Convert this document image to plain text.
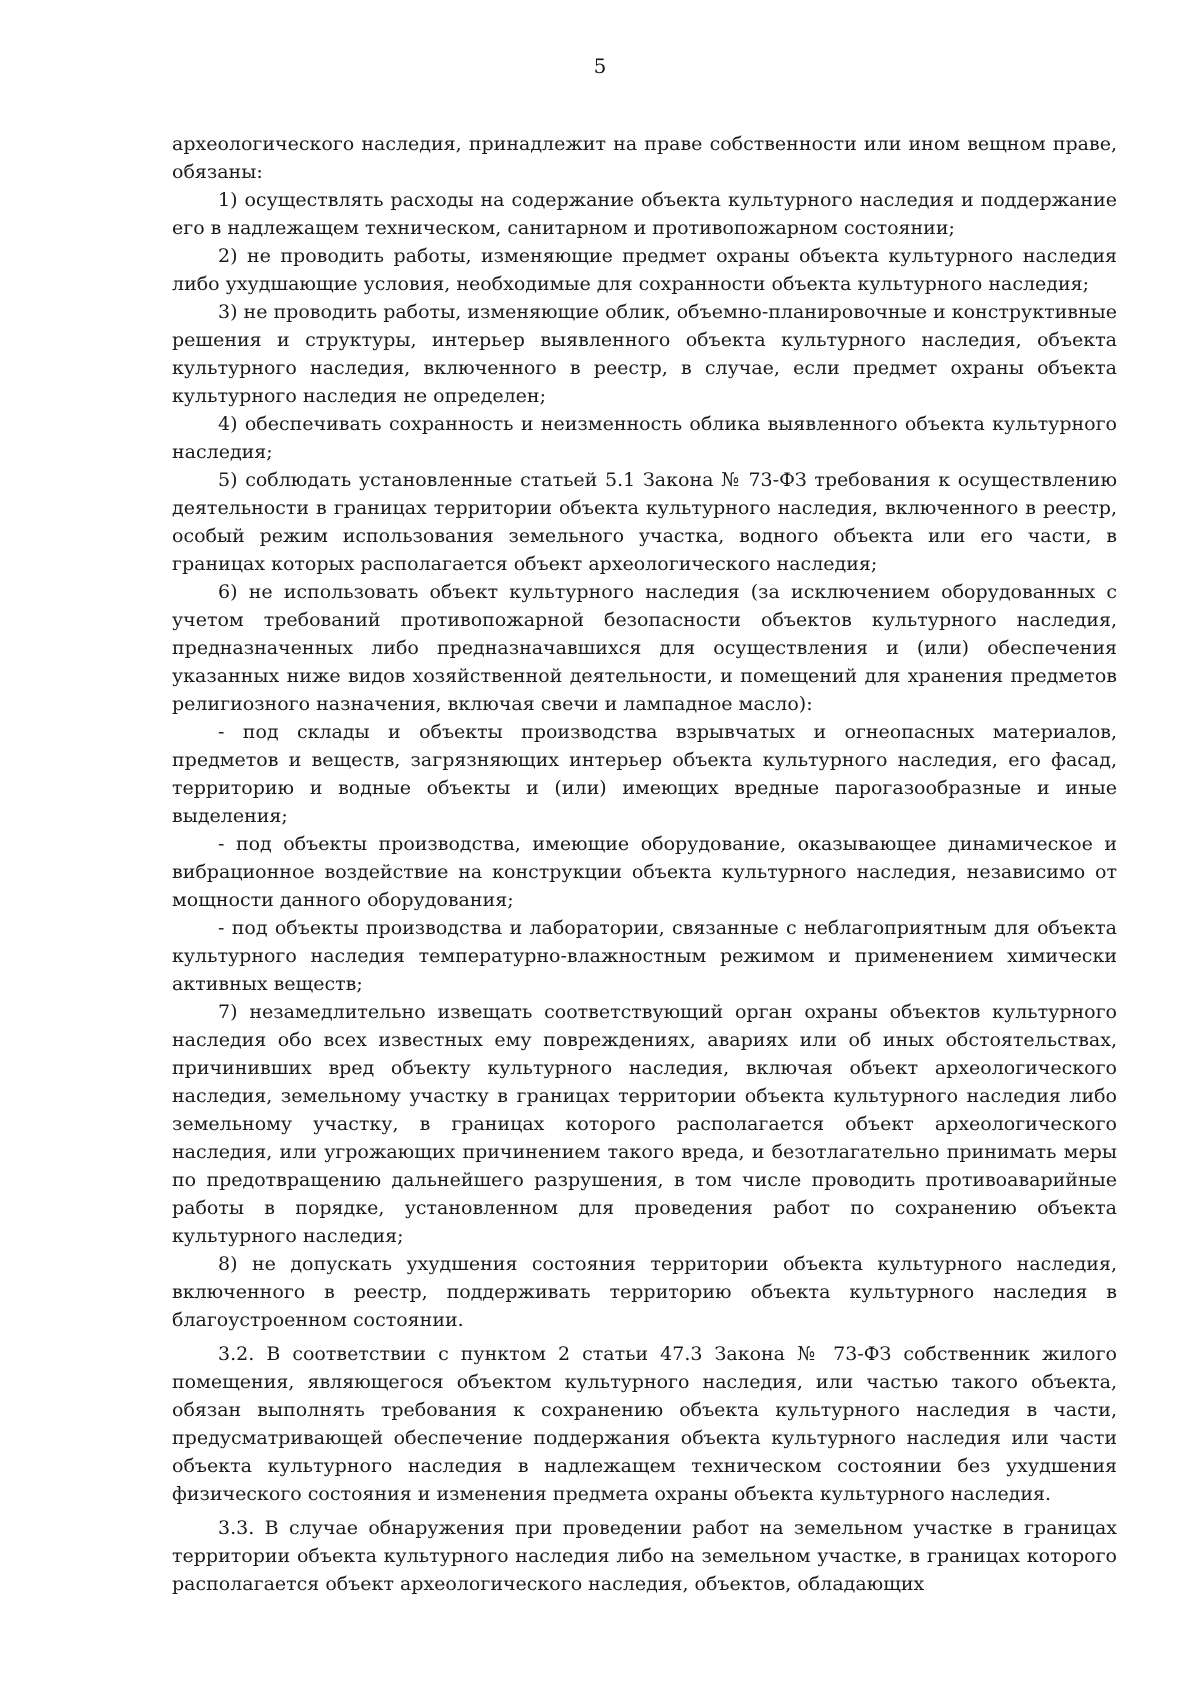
5

археологического наследия, принадлежит на праве собственности или ином вещном праве, обязаны:

1) осуществлять расходы на содержание объекта культурного наследия и поддержание его в надлежащем техническом, санитарном и противопожарном состоянии;

2) не проводить работы, изменяющие предмет охраны объекта культурного наследия либо ухудшающие условия, необходимые для сохранности объекта культурного наследия;

3) не проводить работы, изменяющие облик, объемно-планировочные и конструктивные решения и структуры, интерьер выявленного объекта культурного наследия, объекта культурного наследия, включенного в реестр, в случае, если предмет охраны объекта культурного наследия не определен;

4) обеспечивать сохранность и неизменность облика выявленного объекта культурного наследия;

5) соблюдать установленные статьей 5.1 Закона № 73-ФЗ требования к осуществлению деятельности в границах территории объекта культурного наследия, включенного в реестр, особый режим использования земельного участка, водного объекта или его части, в границах которых располагается объект археологического наследия;

6) не использовать объект культурного наследия (за исключением оборудованных с учетом требований противопожарной безопасности объектов культурного наследия, предназначенных либо предназначавшихся для осуществления и (или) обеспечения указанных ниже видов хозяйственной деятельности, и помещений для хранения предметов религиозного назначения, включая свечи и лампадное масло):

- под склады и объекты производства взрывчатых и огнеопасных материалов, предметов и веществ, загрязняющих интерьер объекта культурного наследия, его фасад, территорию и водные объекты и (или) имеющих вредные парогазообразные и иные выделения;

- под объекты производства, имеющие оборудование, оказывающее динамическое и вибрационное воздействие на конструкции объекта культурного наследия, независимо от мощности данного оборудования;

- под объекты производства и лаборатории, связанные с неблагоприятным для объекта культурного наследия температурно-влажностным режимом и применением химически активных веществ;

7) незамедлительно извещать соответствующий орган охраны объектов культурного наследия обо всех известных ему повреждениях, авариях или об иных обстоятельствах, причинивших вред объекту культурного наследия, включая объект археологического наследия, земельному участку в границах территории объекта культурного наследия либо земельному участку, в границах которого располагается объект археологического наследия, или угрожающих причинением такого вреда, и безотлагательно принимать меры по предотвращению дальнейшего разрушения, в том числе проводить противоаварийные работы в порядке, установленном для проведения работ по сохранению объекта культурного наследия;

8) не допускать ухудшения состояния территории объекта культурного наследия, включенного в реестр, поддерживать территорию объекта культурного наследия в благоустроенном состоянии.

3.2. В соответствии с пунктом 2 статьи 47.3 Закона № 73-ФЗ собственник жилого помещения, являющегося объектом культурного наследия, или частью такого объекта, обязан выполнять требования к сохранению объекта культурного наследия в части, предусматривающей обеспечение поддержания объекта культурного наследия или части объекта культурного наследия в надлежащем техническом состоянии без ухудшения физического состояния и изменения предмета охраны объекта культурного наследия.

3.3. В случае обнаружения при проведении работ на земельном участке в границах территории объекта культурного наследия либо на земельном участке, в границах которого располагается объект археологического наследия, объектов, обладающих
